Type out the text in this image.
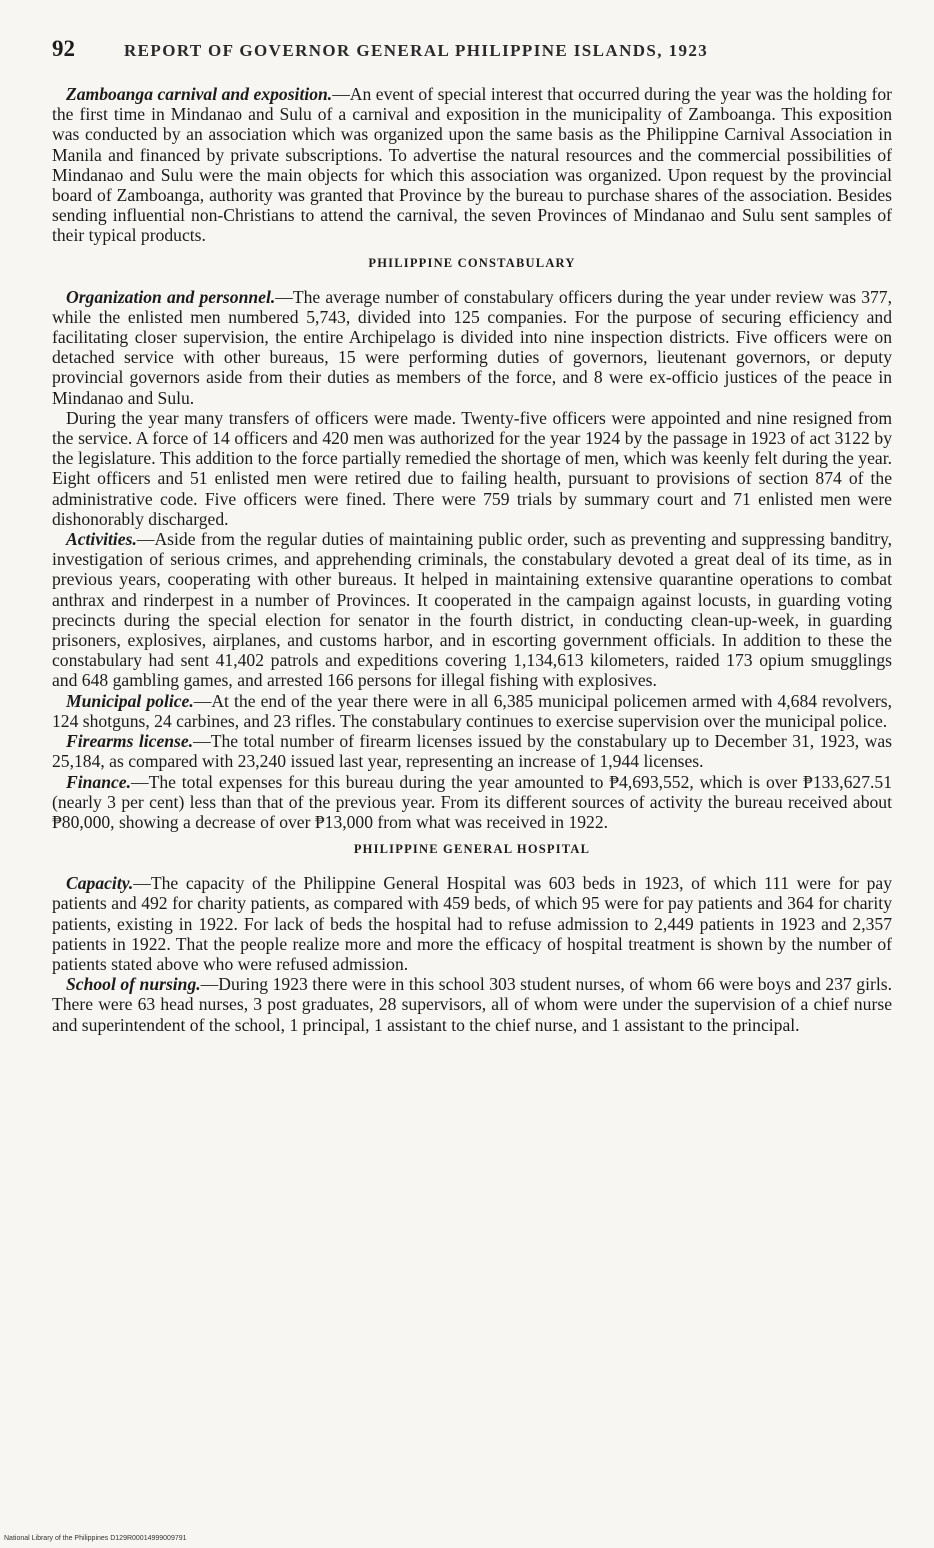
92	REPORT OF GOVERNOR GENERAL PHILIPPINE ISLANDS, 1923

Zamboanga carnival and exposition.—An event of special interest that occurred during the year was the holding for the first time in Mindanao and Sulu of a carnival and exposition in the municipality of Zamboanga. This exposition was conducted by an association which was organized upon the same basis as the Philippine Carnival Association in Manila and financed by private subscriptions. To advertise the natural resources and the commercial possibilities of Mindanao and Sulu were the main objects for which this association was organized. Upon request by the provincial board of Zamboanga, authority was granted that Province by the bureau to purchase shares of the association. Besides sending influential non-Christians to attend the carnival, the seven Provinces of Mindanao and Sulu sent samples of their typical products.

PHILIPPINE CONSTABULARY

Organization and personnel.—The average number of constabulary officers during the year under review was 377, while the enlisted men numbered 5,743, divided into 125 companies. For the purpose of securing efficiency and facilitating closer supervision, the entire Archipelago is divided into nine inspection districts. Five officers were on detached service with other bureaus, 15 were performing duties of governors, lieutenant governors, or deputy provincial governors aside from their duties as members of the force, and 8 were ex-officio justices of the peace in Mindanao and Sulu.

During the year many transfers of officers were made. Twenty-five officers were appointed and nine resigned from the service. A force of 14 officers and 420 men was authorized for the year 1924 by the passage in 1923 of act 3122 by the legislature. This addition to the force partially remedied the shortage of men, which was keenly felt during the year. Eight officers and 51 enlisted men were retired due to failing health, pursuant to provisions of section 874 of the administrative code. Five officers were fined. There were 759 trials by summary court and 71 enlisted men were dishonorably discharged.

Activities.—Aside from the regular duties of maintaining public order, such as preventing and suppressing banditry, investigation of serious crimes, and apprehending criminals, the constabulary devoted a great deal of its time, as in previous years, cooperating with other bureaus. It helped in maintaining extensive quarantine operations to combat anthrax and rinderpest in a number of Provinces. It cooperated in the campaign against locusts, in guarding voting precincts during the special election for senator in the fourth district, in conducting clean-up-week, in guarding prisoners, explosives, airplanes, and customs harbor, and in escorting government officials. In addition to these the constabulary had sent 41,402 patrols and expeditions covering 1,134,613 kilometers, raided 173 opium smugglings and 648 gambling games, and arrested 166 persons for illegal fishing with explosives.

Municipal police.—At the end of the year there were in all 6,385 municipal policemen armed with 4,684 revolvers, 124 shotguns, 24 carbines, and 23 rifles. The constabulary continues to exercise supervision over the municipal police.

Firearms license.—The total number of firearm licenses issued by the constabulary up to December 31, 1923, was 25,184, as compared with 23,240 issued last year, representing an increase of 1,944 licenses.

Finance.—The total expenses for this bureau during the year amounted to ₱4,693,552, which is over ₱133,627.51 (nearly 3 per cent) less than that of the previous year. From its different sources of activity the bureau received about ₱80,000, showing a decrease of over ₱13,000 from what was received in 1922.

PHILIPPINE GENERAL HOSPITAL

Capacity.—The capacity of the Philippine General Hospital was 603 beds in 1923, of which 111 were for pay patients and 492 for charity patients, as compared with 459 beds, of which 95 were for pay patients and 364 for charity patients, existing in 1922. For lack of beds the hospital had to refuse admission to 2,449 patients in 1923 and 2,357 patients in 1922. That the people realize more and more the efficacy of hospital treatment is shown by the number of patients stated above who were refused admission.

School of nursing.—During 1923 there were in this school 303 student nurses, of whom 66 were boys and 237 girls. There were 63 head nurses, 3 post graduates, 28 supervisors, all of whom were under the supervision of a chief nurse and superintendent of the school, 1 principal, 1 assistant to the chief nurse, and 1 assistant to the principal.

National Library of the Philippines D129R00014999009791
